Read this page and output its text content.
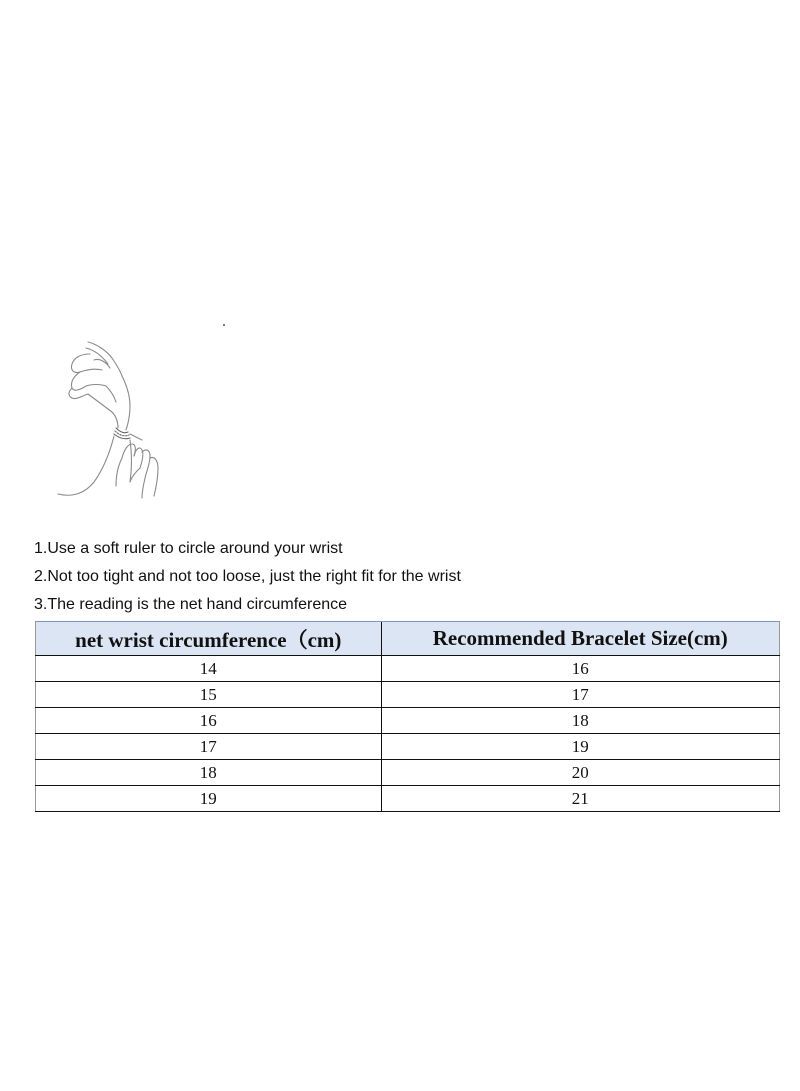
1.Use a soft ruler to circle around your wrist
2.Not too tight and not too loose, just the right fit for the wrist
3.The reading is the net hand circumference
net wrist circumference（cm)	Recommended Bracelet Size(cm)
14	16
15	17
16	18
17	19
18	20
19	21
